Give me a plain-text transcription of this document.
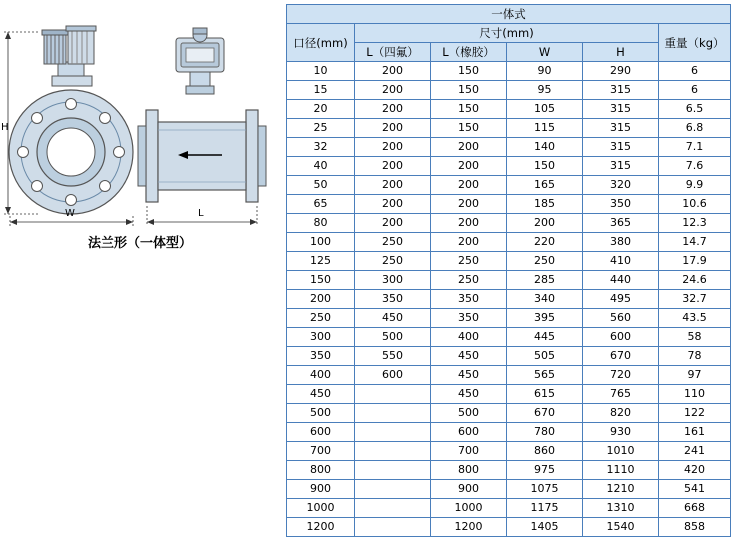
H
W	L
法兰形（一体型）
一体式					
口径(mm)	尺寸(mm)				重量（kg）
	L（四氟）	L（橡胶）	W	H	
10	200	150	90	290	6
15	200	150	95	315	6
20	200	150	105	315	6.5
25	200	150	115	315	6.8
32	200	200	140	315	7.1
40	200	200	150	315	7.6
50	200	200	165	320	9.9
65	200	200	185	350	10.6
80	200	200	200	365	12.3
100	250	200	220	380	14.7
125	250	250	250	410	17.9
150	300	250	285	440	24.6
200	350	350	340	495	32.7
250	450	350	395	560	43.5
300	500	400	445	600	58
350	550	450	505	670	78
400	600	450	565	720	97
450		450	615	765	110
500		500	670	820	122
600		600	780	930	161
700		700	860	1010	241
800		800	975	1110	420
900		900	1075	1210	541
1000		1000	1175	1310	668
1200		1200	1405	1540	858
